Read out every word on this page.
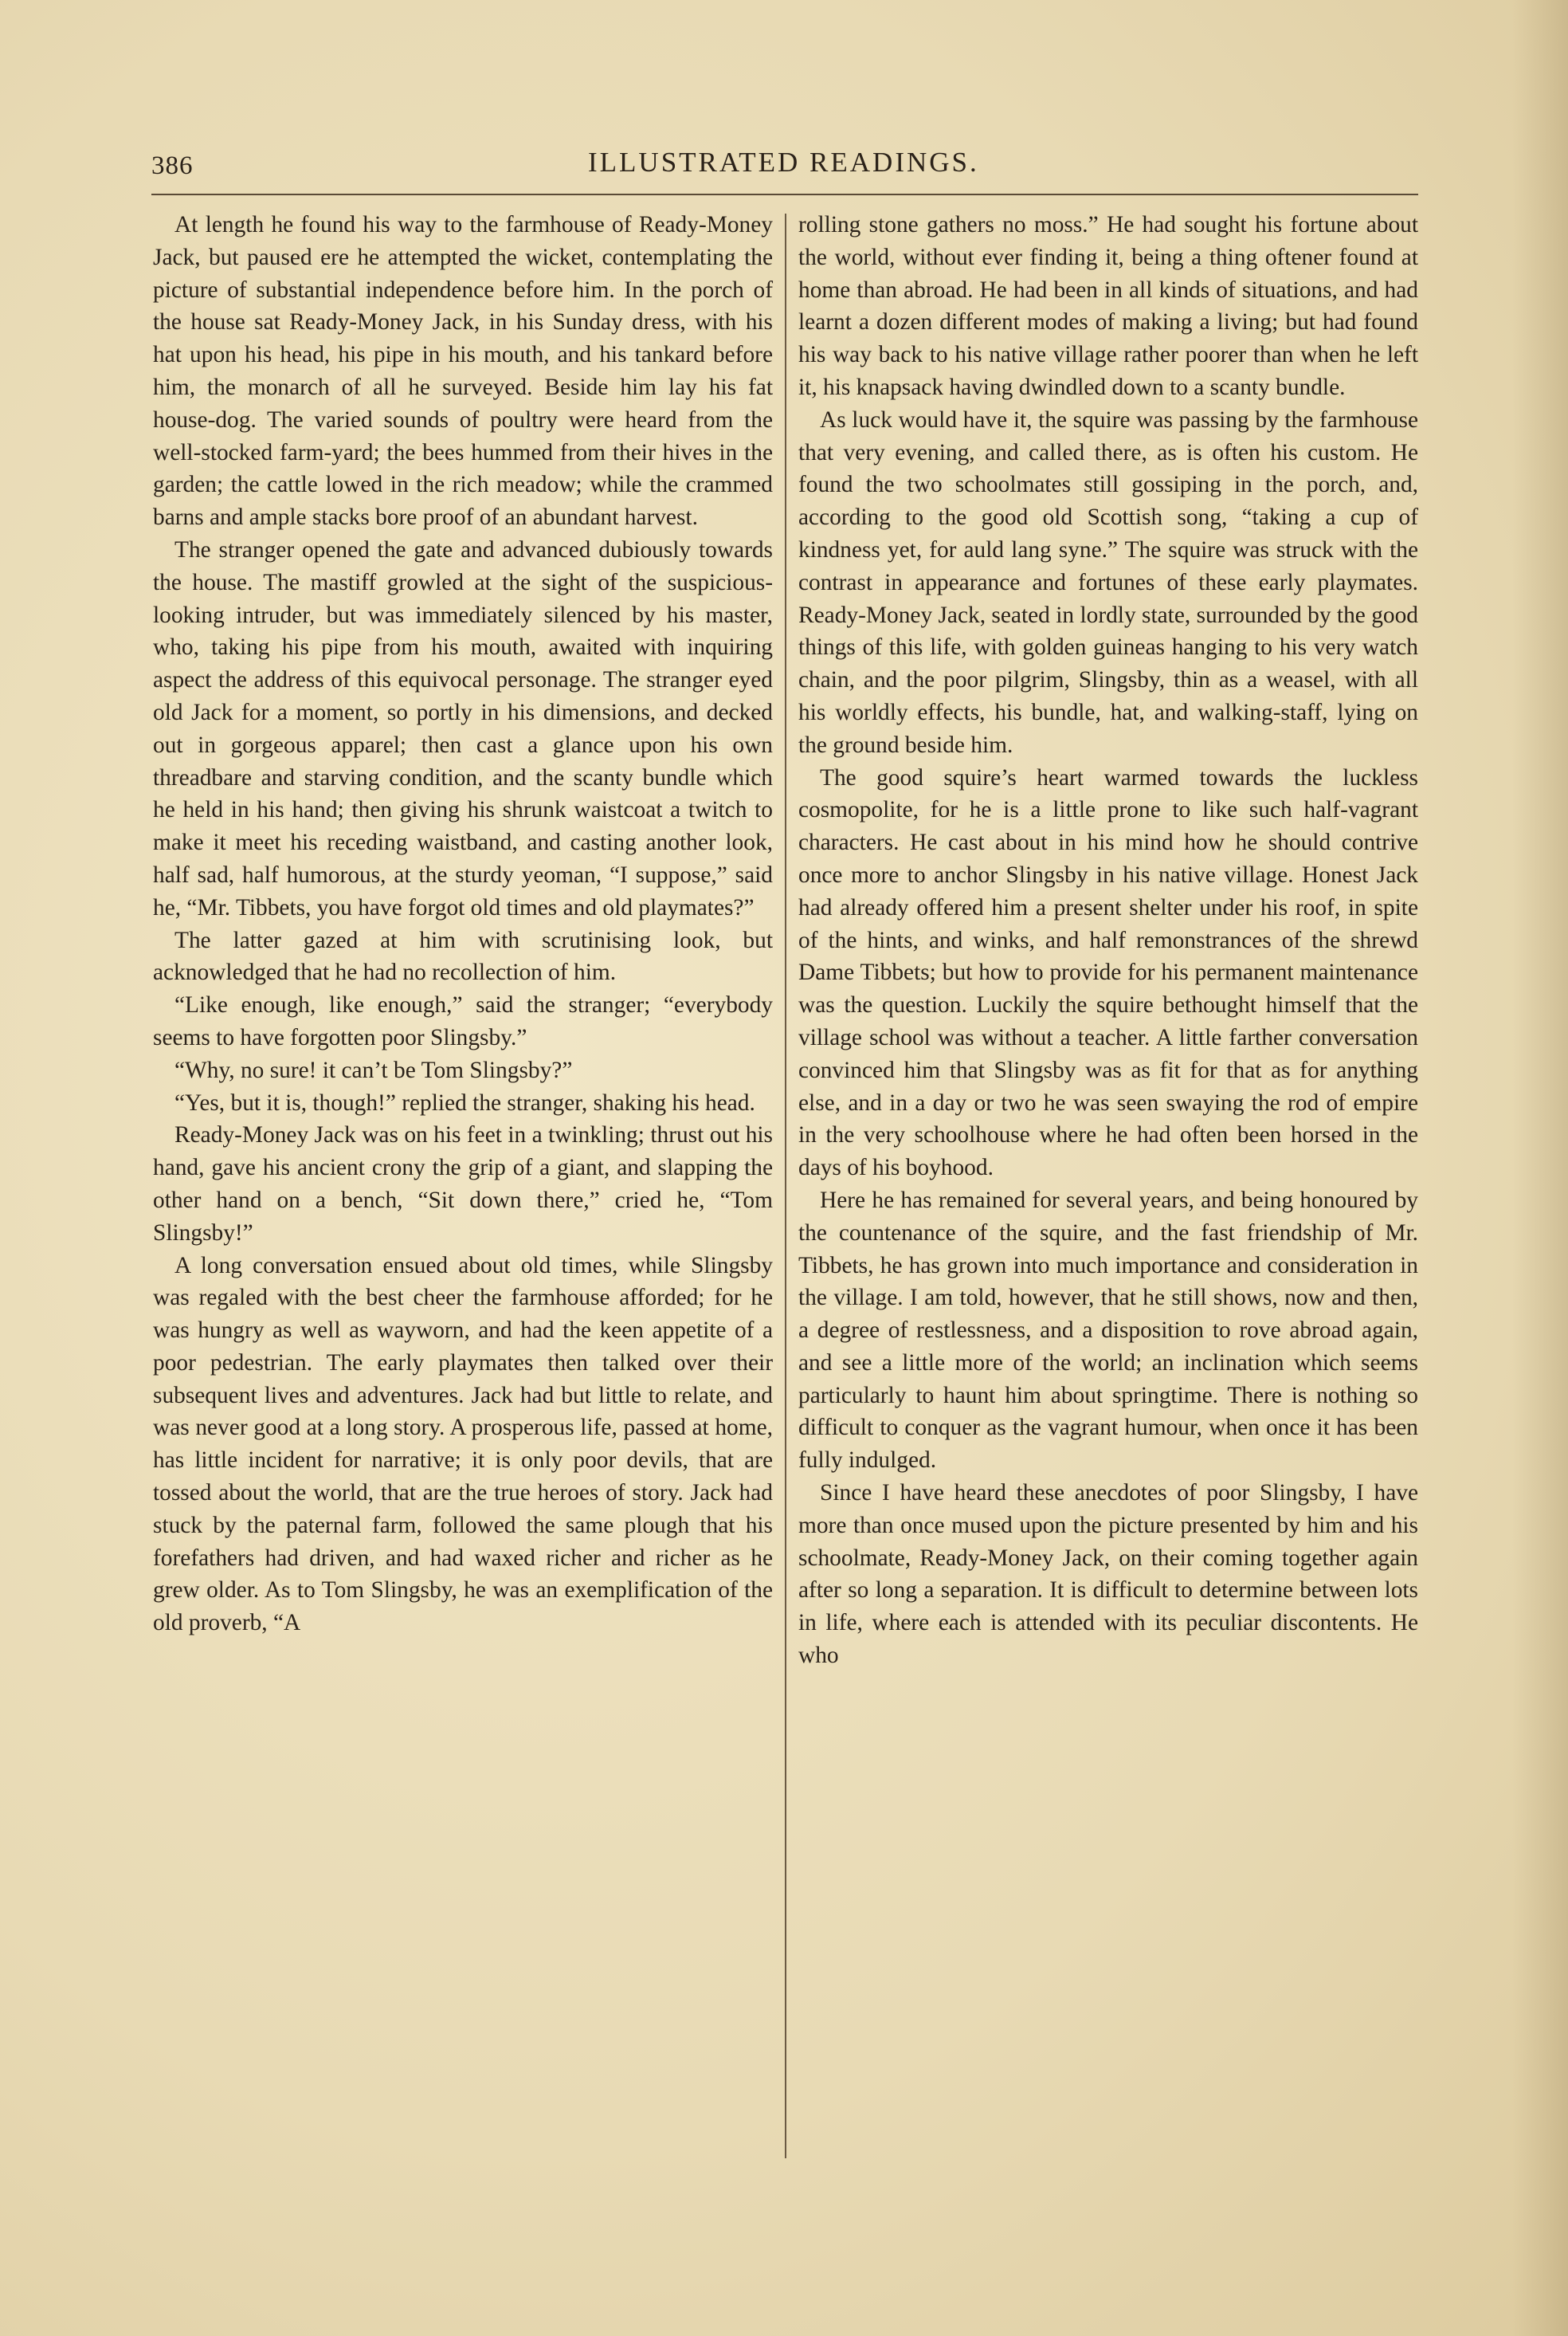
386	ILLUSTRATED READINGS.

At length he found his way to the farmhouse of Ready-Money Jack, but paused ere he attempted the wicket, contemplating the picture of substantial independence before him. In the porch of the house sat Ready-Money Jack, in his Sunday dress, with his hat upon his head, his pipe in his mouth, and his tankard before him, the monarch of all he surveyed. Beside him lay his fat house-dog. The varied sounds of poultry were heard from the well-stocked farm-yard; the bees hummed from their hives in the garden; the cattle lowed in the rich meadow; while the crammed barns and ample stacks bore proof of an abundant harvest.

The stranger opened the gate and advanced dubiously towards the house. The mastiff growled at the sight of the suspicious-looking intruder, but was immediately silenced by his master, who, taking his pipe from his mouth, awaited with inquiring aspect the address of this equivocal personage. The stranger eyed old Jack for a moment, so portly in his dimensions, and decked out in gorgeous apparel; then cast a glance upon his own threadbare and starving condition, and the scanty bundle which he held in his hand; then giving his shrunk waistcoat a twitch to make it meet his receding waistband, and casting another look, half sad, half humorous, at the sturdy yeoman, “I suppose,” said he, “Mr. Tibbets, you have forgot old times and old playmates?”

The latter gazed at him with scrutinising look, but acknowledged that he had no recollection of him.

“Like enough, like enough,” said the stranger; “everybody seems to have forgotten poor Slingsby.”

“Why, no sure! it can’t be Tom Slingsby?”

“Yes, but it is, though!” replied the stranger, shaking his head.

Ready-Money Jack was on his feet in a twinkling; thrust out his hand, gave his ancient crony the grip of a giant, and slapping the other hand on a bench, “Sit down there,” cried he, “Tom Slingsby!”

A long conversation ensued about old times, while Slingsby was regaled with the best cheer the farmhouse afforded; for he was hungry as well as wayworn, and had the keen appetite of a poor pedestrian. The early playmates then talked over their subsequent lives and adventures. Jack had but little to relate, and was never good at a long story. A prosperous life, passed at home, has little incident for narrative; it is only poor devils, that are tossed about the world, that are the true heroes of story. Jack had stuck by the paternal farm, followed the same plough that his forefathers had driven, and had waxed richer and richer as he grew older. As to Tom Slingsby, he was an exemplification of the old proverb, “A

rolling stone gathers no moss.” He had sought his fortune about the world, without ever finding it, being a thing oftener found at home than abroad. He had been in all kinds of situations, and had learnt a dozen different modes of making a living; but had found his way back to his native village rather poorer than when he left it, his knapsack having dwindled down to a scanty bundle.

As luck would have it, the squire was passing by the farmhouse that very evening, and called there, as is often his custom. He found the two schoolmates still gossiping in the porch, and, according to the good old Scottish song, “taking a cup of kindness yet, for auld lang syne.” The squire was struck with the contrast in appearance and fortunes of these early playmates. Ready-Money Jack, seated in lordly state, surrounded by the good things of this life, with golden guineas hanging to his very watch chain, and the poor pilgrim, Slingsby, thin as a weasel, with all his worldly effects, his bundle, hat, and walking-staff, lying on the ground beside him.

The good squire’s heart warmed towards the luckless cosmopolite, for he is a little prone to like such half-vagrant characters. He cast about in his mind how he should contrive once more to anchor Slingsby in his native village. Honest Jack had already offered him a present shelter under his roof, in spite of the hints, and winks, and half remonstrances of the shrewd Dame Tibbets; but how to provide for his permanent maintenance was the question. Luckily the squire bethought himself that the village school was without a teacher. A little farther conversation convinced him that Slingsby was as fit for that as for anything else, and in a day or two he was seen swaying the rod of empire in the very schoolhouse where he had often been horsed in the days of his boyhood.

Here he has remained for several years, and being honoured by the countenance of the squire, and the fast friendship of Mr. Tibbets, he has grown into much importance and consideration in the village. I am told, however, that he still shows, now and then, a degree of restlessness, and a disposition to rove abroad again, and see a little more of the world; an inclination which seems particularly to haunt him about springtime. There is nothing so difficult to conquer as the vagrant humour, when once it has been fully indulged.

Since I have heard these anecdotes of poor Slingsby, I have more than once mused upon the picture presented by him and his schoolmate, Ready-Money Jack, on their coming together again after so long a separation. It is difficult to determine between lots in life, where each is attended with its peculiar discontents. He who
